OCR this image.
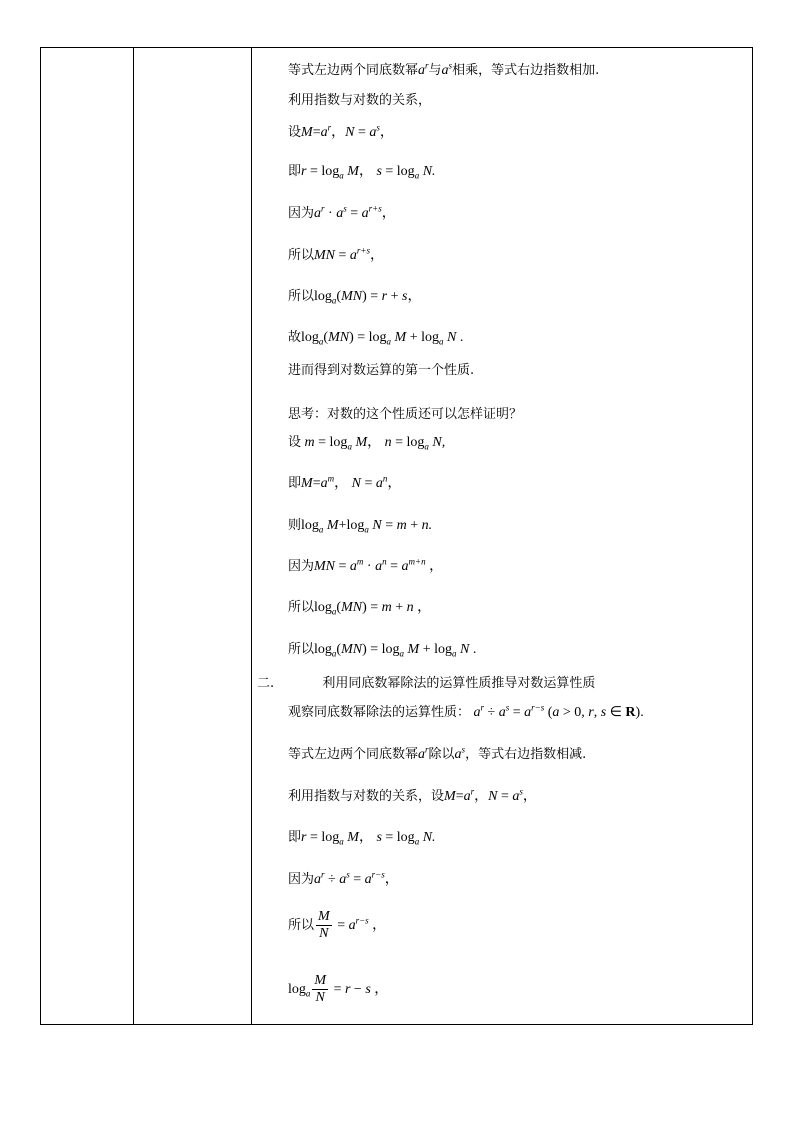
等式左边两个同底数幂$a^r$与$a^s$相乘，等式右边指数相加.
利用指数与对数的关系，
设$M=a^r$，$N = a^s$，
即$r = \log_a M$， $s = \log_a N$.
因为$a^r \cdot a^s = a^{r+s}$，
所以MN = $a^{r+s}$，
所以$\log_a(MN) = r + s$，
故$\log_a(MN) = \log_a M + \log_a N$ .
进而得到对数运算的第一个性质.
思考：对数的这个性质还可以怎样证明？
设 $m = \log_a M$， $n = \log_a N$,
即$M=a^m$， $N = a^n$，
则$\log_a M+\log_a$ N = m + n.
因为MN = $a^m \cdot a^n = a^{m+n}$ ，
所以$\log_a(MN) = m + n$ ，
所以$\log_a(MN) = \log_a M + \log_a N$ .
二.	利用同底数幂除法的运算性质推导对数运算性质
观察同底数幂除法的运算性质： $a^r \div a^s = a^{r-s}$ (a > 0, r, s ∈ R).
等式左边两个同底数幂$a^r$除以$a^s$，等式右边指数相减.
利用指数与对数的关系，设$M=a^r$，$N = a^s$，
即$r = \log_a M$， $s = \log_a N$.
因为$a^r \div a^s = a^{r-s}$，
所以 $\frac{M}{N} = a^{r-s}$ ，
$\log_a \frac{M}{N} = r - s$ ，
